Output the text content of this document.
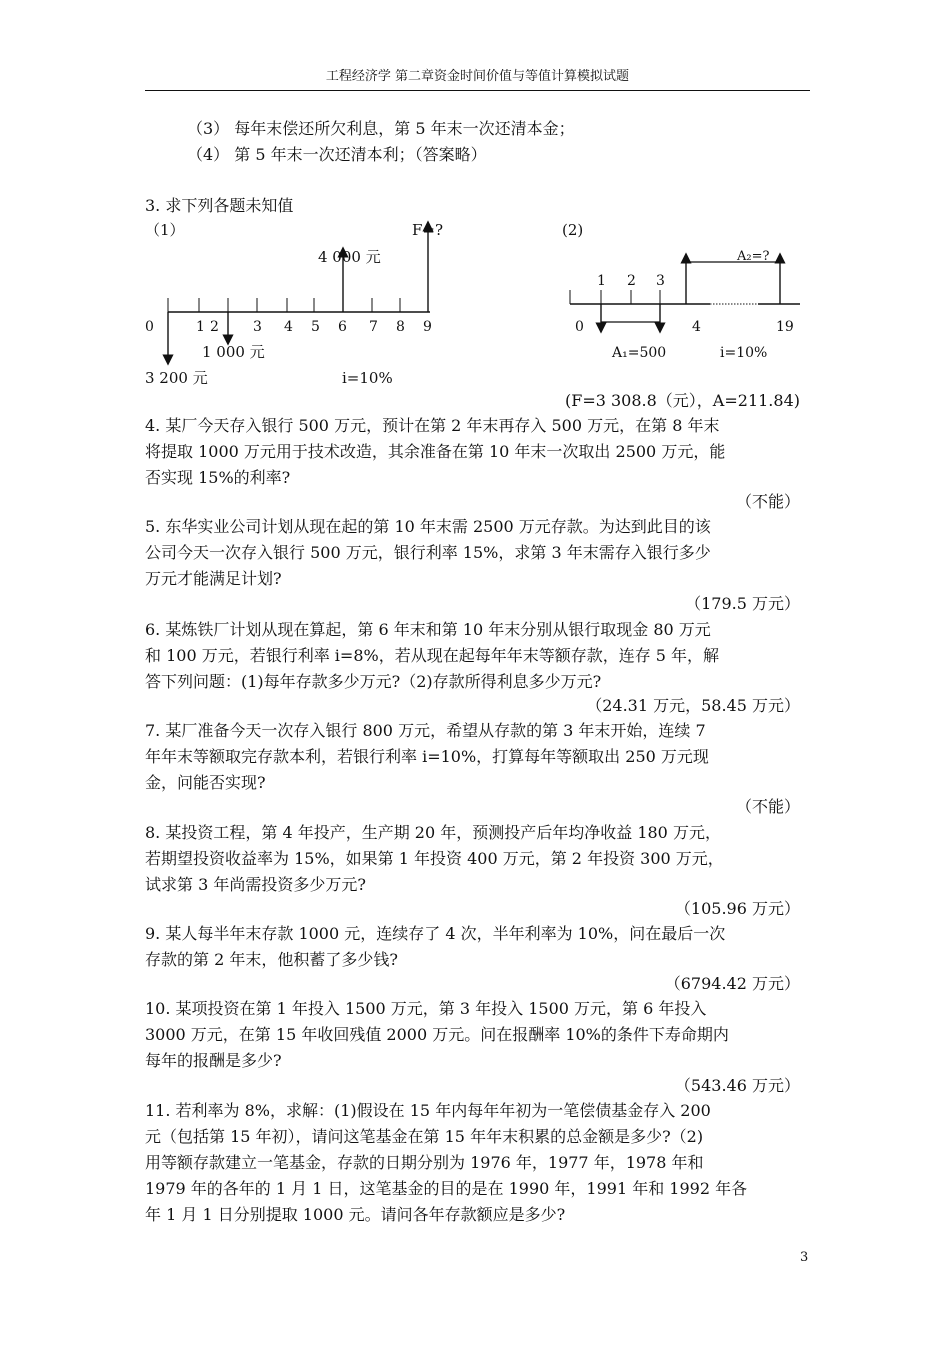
工程经济学 第二章资金时间价值与等值计算模拟试题
（3） 每年末偿还所欠利息，第 5 年末一次还清本金；
（4） 第 5 年末一次还清本利；（答案略）
3. 求下列各题未知值
（1）
0	1 2 3 4 5 6 7 8 9
4 000 元
F=?
1 000 元
3 200 元	i=10%
(2)
1 2 3
0	4	19
A₂=?
A₁=500	i=10%
(F=3 308.8（元），A=211.84)
4. 某厂今天存入银行 500 万元，预计在第 2 年末再存入 500 万元，在第 8 年末
将提取 1000 万元用于技术改造，其余准备在第 10 年末一次取出 2500 万元，能
否实现 15%的利率?
（不能）
5. 东华实业公司计划从现在起的第 10 年末需 2500 万元存款。为达到此目的该
公司今天一次存入银行 500 万元，银行利率 15%，求第 3 年末需存入银行多少
万元才能满足计划?
（179.5 万元）
6. 某炼铁厂计划从现在算起，第 6 年末和第 10 年末分别从银行取现金 80 万元
和 100 万元，若银行利率 i=8%，若从现在起每年年末等额存款，连存 5 年，解
答下列问题：(1)每年存款多少万元?（2)存款所得利息多少万元?
（24.31 万元，58.45 万元）
7. 某厂准备今天一次存入银行 800 万元，希望从存款的第 3 年末开始，连续 7
年年末等额取完存款本利，若银行利率 i=10%，打算每年等额取出 250 万元现
金，问能否实现?
（不能）
8. 某投资工程，第 4 年投产，生产期 20 年，预测投产后年均净收益 180 万元，
若期望投资收益率为 15%，如果第 1 年投资 400 万元，第 2 年投资 300 万元，
试求第 3 年尚需投资多少万元?
（105.96 万元）
9. 某人每半年末存款 1000 元，连续存了 4 次，半年利率为 10%，问在最后一次
存款的第 2 年末，他积蓄了多少钱?
（6794.42 万元）
10. 某项投资在第 1 年投入 1500 万元，第 3 年投入 1500 万元，第 6 年投入
3000 万元，在第 15 年收回残值 2000 万元。问在报酬率 10%的条件下寿命期内
每年的报酬是多少?
（543.46 万元）
11. 若利率为 8%，求解：(1)假设在 15 年内每年年初为一笔偿债基金存入 200
元（包括第 15 年初），请问这笔基金在第 15 年年末积累的总金额是多少?（2)
用等额存款建立一笔基金，存款的日期分别为 1976 年，1977 年，1978 年和
1979 年的各年的 1 月 1 日，这笔基金的目的是在 1990 年，1991 年和 1992 年各
年 1 月 1 日分别提取 1000 元。请问各年存款额应是多少?
3
